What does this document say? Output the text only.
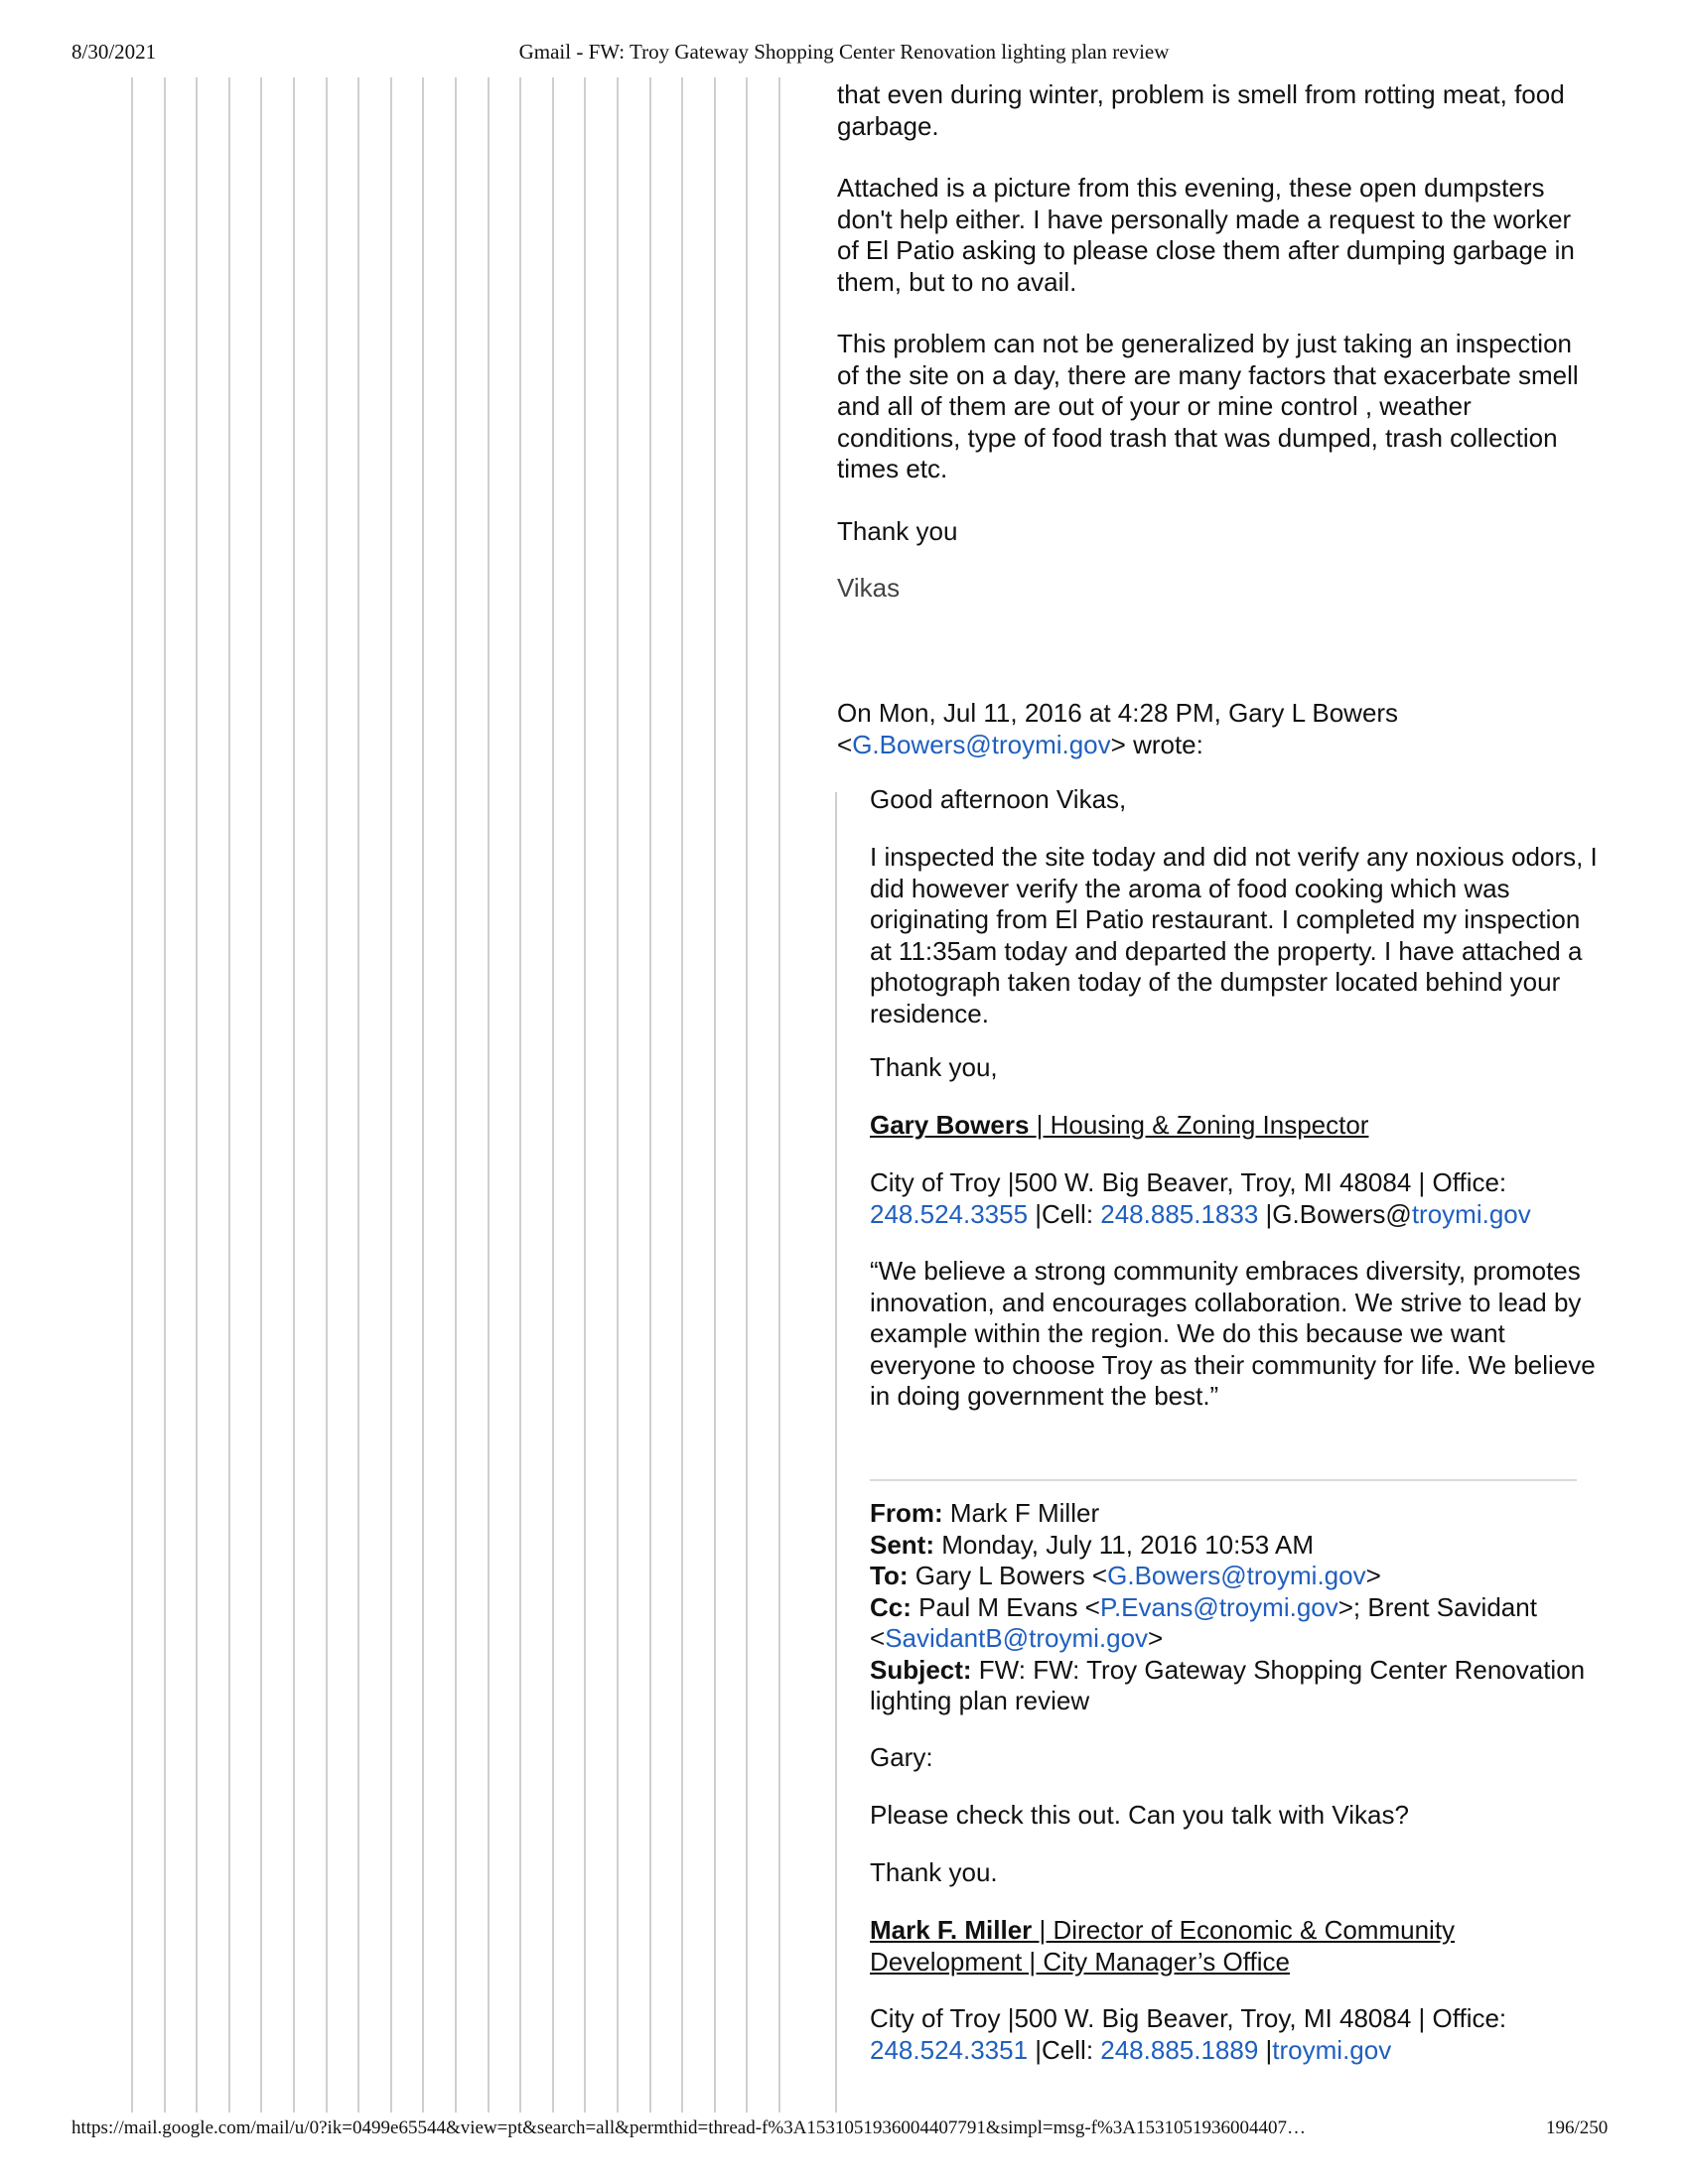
8/30/2021	Gmail - FW: Troy Gateway Shopping Center Renovation lighting plan review
that even during winter, problem is smell from rotting meat, food garbage.
Attached is a picture from this evening, these open dumpsters don't help either. I have personally made a request to the worker of El Patio asking to please close them after dumping garbage in them, but to no avail.
This problem can not be generalized by just taking an inspection of the site on a day, there are many factors that exacerbate smell and all of them are out of your or mine control , weather conditions, type of food trash that was dumped, trash collection times etc.
Thank you
Vikas
On Mon, Jul 11, 2016 at 4:28 PM, Gary L Bowers <G.Bowers@troymi.gov> wrote:
Good afternoon Vikas,
I inspected the site today and did not verify any noxious odors, I did however verify the aroma of food cooking which was originating from El Patio restaurant. I completed my inspection at 11:35am today and departed the property. I have attached a photograph taken today of the dumpster located behind your residence.
Thank you,
Gary Bowers | Housing & Zoning Inspector
City of Troy |500 W. Big Beaver, Troy, MI 48084 | Office: 248.524.3355 |Cell: 248.885.1833 |G.Bowers@troymi.gov
“We believe a strong community embraces diversity, promotes innovation, and encourages collaboration. We strive to lead by example within the region. We do this because we want everyone to choose Troy as their community for life. We believe in doing government the best.”
From: Mark F Miller
Sent: Monday, July 11, 2016 10:53 AM
To: Gary L Bowers <G.Bowers@troymi.gov>
Cc: Paul M Evans <P.Evans@troymi.gov>; Brent Savidant <SavidantB@troymi.gov>
Subject: FW: FW: Troy Gateway Shopping Center Renovation lighting plan review
Gary:
Please check this out. Can you talk with Vikas?
Thank you.
Mark F. Miller | Director of Economic & Community Development | City Manager’s Office
City of Troy |500 W. Big Beaver, Troy, MI 48084 | Office: 248.524.3351 |Cell: 248.885.1889 |troymi.gov
https://mail.google.com/mail/u/0?ik=0499e65544&view=pt&search=all&permthid=thread-f%3A1531051936004407791&simpl=msg-f%3A1531051936004407…	196/250
